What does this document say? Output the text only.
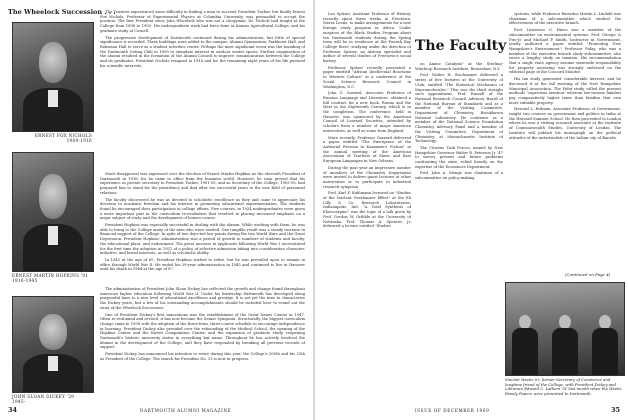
The Wheelock Succession . . .
ERNEST FOX NICHOLS
1909-1916
ERNEST MARTIN HOPKINS '01
1916-1945
JOHN SLOAN DICKEY '29
1945-

The Trustees experienced some difficulty in finding a man to succeed President Tucker, but finally Ernest Fox Nichols, Professor of Experimental Physics at Columbia University, was persuaded to accept the position. The first President since John Wheelock who was not a clergyman, Dr. Nichols had taught at the College from 1898 to 1903. His undergraduate work had been done at Kansas Agricultural College, and his graduate study at Cornell.

The progressive development of Dartmouth continued during his administration, but little of special significance is recorded. Three buildings were added to the campus: Alumni Gymnasium, Parkhurst Hall, and Robinson Hall to serve as a student activities center. Perhaps the most significant event was the founding of the Dartmouth Outing Club in 1909 to stimulate interest in outdoor winter sports. Further organization of the alumni resulted in the formation of the Alumni Council to improve communication between the College and its graduates. President Nichols resigned in 1916 and for the remaining eight years of his life pursued his scientific interests.

Much disapproval was expressed over the election of Ernest Martin Hopkins as the eleventh President of Dartmouth in 1916, for he came to office from the business world. However, he soon proved that his experience as private secretary to President Tucker, 1901-05, and as Secretary of the College, 1905-10, had prepared him to stand for the presidency and that after ten successful years in the new field of personnel relations.

The faculty discovered he was as devoted to scholastic excellence as they and came to appreciate his devotion to academic freedom and his interest in promoting educational experimentation. The students found he encouraged their participation in college affairs. Five courses, in 1924 undergraduates were given a more important part in the curriculum re-evaluation that resulted in placing increased emphasis on a major subject of study and the development of honors course.

President Hopkins was especially successful in dealing with the alumni. While working with them, he was able to bring to the College many of the men who were needed. One tangible result was a steady increase in financial support of the College. In spite of two dejected low points during the two World Wars and the Great Depression, President Hopkins' administration was a period of growth in numbers of students and faculty, the educational plant, and endowment. The great increase in applicants following World War I necessitated for the first time the adoption in 1921 of a policy of selective admission taking into consideration character, initiative, and broad interests, as well as scholastic ability.

In 1945 at the age of 65, President Hopkins wished to retire, but he was prevailed upon to remain in office through World War II. He ended his 29-year administration in 1945 and continued to live in Hanover until his death in 1964 at the age of 87.

The administration of President John Sloan Dickey has reflected the growth and change found throughout American higher education following World War II. Under his leadership Dartmouth has developed along purposeful lines to a new level of educational excellence and prestige. It is not yet the time to characterize the Dickey years, but a few of his outstanding accomplishments should be included here to round out the story of the Wheelock Succession.

One of President Dickey's first innovations was the establishment of the Great Issues Course in 1947. Often re-evaluated and revised, it has now become the Senior Symposia. Structurally, the biggest curriculum change came in 1958 with the adoption of the three-term, three-course schedule to encourage independence in learning. President Dickey also presided over the rebounding of the Medical School, the opening of the Hopkins Center and the Kiewit Computation Center, and the expansion of graduate study, reopening Dartmouth's historic university status in everything but name. Throughout he has actively involved the alumni in the development of the College, and they have responded by breaking all previous records of support.

President Dickey has announced his intention to retire during this year, the College's 200th and his 25th as President of the College. The search for President No. 13 is now in progress.

34	DARTMOUTH ALUMNI MAGAZINE
The Faculty

Leo Spitzer, Assistant Professor of History, recently spent three weeks in Freetown, Sierra Leone, to make arrangements for a new foreign study program in Africa. Under auspices of the Black Studies Program about ten Dartmouth students during the Spring term will be in residence at the Fourah Bay College there, studying under the direction of Professor Spitzer, an African specialist and author of several studies of Freetown's social history.

Professor Spitzer recently presented a paper entitled "African Intellectual Reactions to Western Culture" at a conference of the Social Science Research Council in Washington, D.C.

John G. Garrard, Associate Professor of Russian Language and Literature, obtained a full contract for a new book, Russia and the West in the Eighteenth Century, which is in the completion. The conference, held in Hanover, was sponsored by the American Council of Learned Societies, attended by scholars from a number of major American universities, as well as some from England.

More recently, Professor Garrard delivered a paper entitled "The Emergence of the Authorial Persona in Karamzin's Fiction" at the annual meeting of the American Association of Teachers of Slavic and East European Languages in New Orleans.

During the past year an impressive number of members of the Chemistry Department were invited to deliver guest lectures at other universities or to participate in industrial research symposia.

Prof. Karl F. Kuhlmann lectured on "Studies of the Nuclear Overhauser Effect" at the Eli Lilly & Co. Research Laboratories, Indianapolis. Ind. "A Total Synthesis of Elaeocarpine" was the topic of a talk given by Prof. Gordon W. Gribble at the University of Nebraska. Prof. Thomas A. Spencer, Jr. delivered a lecture entitled "Studies

on Amine Catalysis" at the Sterling-Winthrop Research Institute, Rensselaer, N.Y.

Prof. Walter H. Stockmayer delivered a series of five lectures at the University of Utah, entitled "The Statistical Mechanics of Macromolecules." This was the third straight such appointment. Prof. Russell of the National Research Council Advisory Board of the National Bureau of Standards and as a member of the Visiting Committee, Department of Chemistry, Brookhaven National Laboratory. He continues as a member of the National Science Foundation Chemistry Advisory Panel and a member of the Visiting Committee, Department of Chemistry, at Massachusetts Institute of Technology.

The Citizens Task Forces, named by New Hampshire Governor Walter R. Peterson Jr. '47 to survey present and future problems confronting the state, relied heavily on the expertise of the Economics Department.

Prof. John A. Menge was chairman of a subcommittee on policy-making

systems, while Professor Emeritus Martin L. Lindahl was chairman of a subcommittee which studied the effectiveness of the executive branch.

Prof. Lawrence G. Hines was a member of the subcommittee on environmental systems. Prof. George & Piro-Jr. and Michael P. Smith, Instructor in Government, jointly authored a paper entitled "Promoting New Hampshire's Environment." Professor Piday, who was a member of the executive branch study subcommittee, also wrote a lengthy study on taxation. His recommendation that a single state agency assume statewide responsibility for property assessing was strongly endorsed on the editorial page of the Concord Monitor.

His tax study generated considerable interest, and he discussed it at the fall meeting of the New Hampshire Municipal Association. The Pidot study called the present methods "capricious taxation" wherein low-income families pay comparatively higher taxes than families that own more valuable property.

Howard L. Erdman, Associate Professor of Government, taught two courses on government and politics in India at the Harvard Summer School. He then proceeded to London where he was a visiting research associate at the Institute of Commonwealth Studies, University of London. The Institute will publish his monograph on the political attitudes of the industrialists of the Indian city of Baroda.

(Continued on Page 4)
Sinclair Weeks (r), former Secretary of Commerce and longtime friend of the College, with President Dickey and Librarian Edward C. Lathem '51 last month when the Weeks Family Papers were presented to Dartmouth.
ISSUE OF DECEMBER 1969	35
